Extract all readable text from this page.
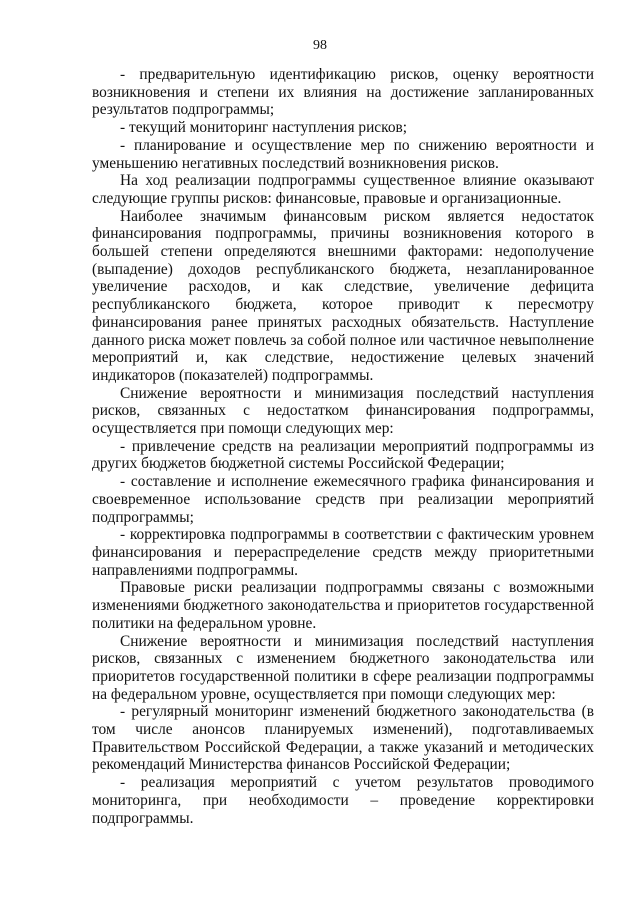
98

- предварительную идентификацию рисков, оценку вероятности возникновения и степени их влияния на достижение запланированных результатов подпрограммы;

- текущий мониторинг наступления рисков;

- планирование и осуществление мер по снижению вероятности и уменьшению негативных последствий возникновения рисков.

На ход реализации подпрограммы существенное влияние оказывают следующие группы рисков: финансовые, правовые и организационные.

Наиболее значимым финансовым риском является недостаток финансирования подпрограммы, причины возникновения которого в большей степени определяются внешними факторами: недополучение (выпадение) доходов республиканского бюджета, незапланированное увеличение расходов, и как следствие, увеличение дефицита республиканского бюджета, которое приводит к пересмотру финансирования ранее принятых расходных обязательств. Наступление данного риска может повлечь за собой полное или частичное невыполнение мероприятий и, как следствие, недостижение целевых значений индикаторов (показателей) подпрограммы.

Снижение вероятности и минимизация последствий наступления рисков, связанных с недостатком финансирования подпрограммы, осуществляется при помощи следующих мер:

- привлечение средств на реализации мероприятий подпрограммы из других бюджетов бюджетной системы Российской Федерации;

- составление и исполнение ежемесячного графика финансирования и своевременное использование средств при реализации мероприятий подпрограммы;

- корректировка подпрограммы в соответствии с фактическим уровнем финансирования и перераспределение средств между приоритетными направлениями подпрограммы.

Правовые риски реализации подпрограммы связаны с возможными изменениями бюджетного законодательства и приоритетов государственной политики на федеральном уровне.

Снижение вероятности и минимизация последствий наступления рисков, связанных с изменением бюджетного законодательства или приоритетов государственной политики в сфере реализации подпрограммы на федеральном уровне, осуществляется при помощи следующих мер:

- регулярный мониторинг изменений бюджетного законодательства (в том числе анонсов планируемых изменений), подготавливаемых Правительством Российской Федерации, а также указаний и методических рекомендаций Министерства финансов Российской Федерации;

- реализация мероприятий с учетом результатов проводимого мониторинга, при необходимости – проведение корректировки подпрограммы.
